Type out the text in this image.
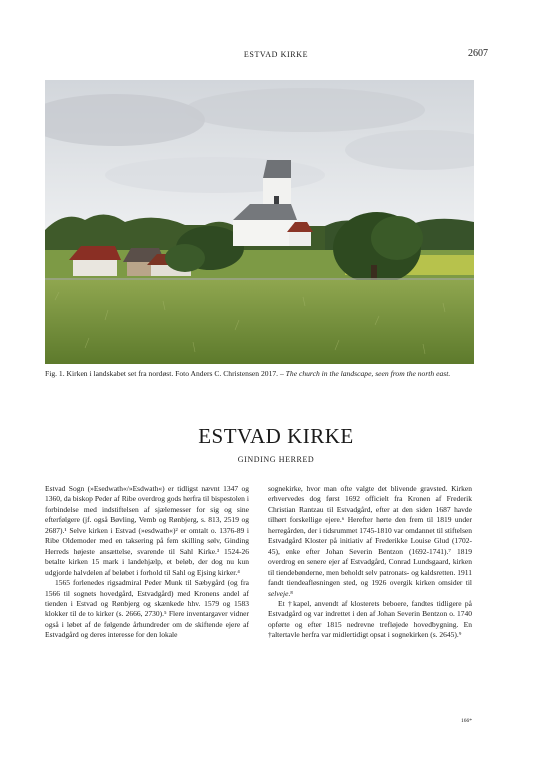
ESTVAD KIRKE	2607
Fig. 1. Kirken i landskabet set fra nordøst. Foto Anders C. Christensen 2017. – The church in the landscape, seen from the north east.
ESTVAD KIRKE
GINDING HERRED

Estvad Sogn (»Esedwath«/»Esdwath«) er tidligst nævnt 1347 og 1360, da biskop Peder af Ribe overdrog gods herfra til bispestolen i forbindelse med indstiftelsen af sjælemesser for sig og sine efterfølgere (jf. også Bøvling, Vemb og Rønbjerg, s. 813, 2519 og 2687).¹ Selve kirken i Estvad (»esdwath«)² er omtalt o. 1376-89 i Ribe Oldemoder med en taksering på fem skilling sølv, Ginding Herreds højeste ansættelse, svarende til Sahl Kirke.³ 1524-26 betalte kirken 15 mark i landehjælp, et beløb, der dog nu kun udgjorde halvdelen af beløbet i forhold til Sahl og Ejsing kirker.⁴

1565 forlenedes rigsadmiral Peder Munk til Sæbygård (og fra 1566 til sognets hovedgård, Estvadgård) med Kronens andel af tienden i Estvad og Rønbjerg og skænkede hhv. 1579 og 1583 klokker til de to kirker (s. 2666, 2730).⁵ Flere inventargaver vidner også i løbet af de følgende århundreder om de skiftende ejere af Estvadgård og deres interesse for den lokale

sognekirke, hvor man ofte valgte det blivende gravsted. Kirken erhvervedes dog først 1692 officielt fra Kronen af Frederik Christian Rantzau til Estvadgård, efter at den siden 1687 havde tilhørt forskellige ejere.⁶ Herefter hørte den frem til 1819 under herregården, der i tidsrummet 1745-1810 var omdannet til stiftelsen Estvadgård Kloster på initiativ af Frederikke Louise Glud (1702-45), enke efter Johan Severin Bentzon (1692-1741).⁷ 1819 overdrog en senere ejer af Estvadgård, Conrad Lundsgaard, kirken til tiendebønderne, men beholdt selv patronats- og kaldsretten. 1911 fandt tiendeafløsningen sted, og 1926 overgik kirken omsider til selveje.⁸

Et †kapel, anvendt af klosterets beboere, fandtes tidligere på Estvadgård og var indrettet i den af Johan Severin Bentzon o. 1740 opførte og efter 1815 nedrevne trefløjede hovedbygning. En †altertavle herfra var midlertidigt opsat i sognekirken (s. 2645).⁹

166*
